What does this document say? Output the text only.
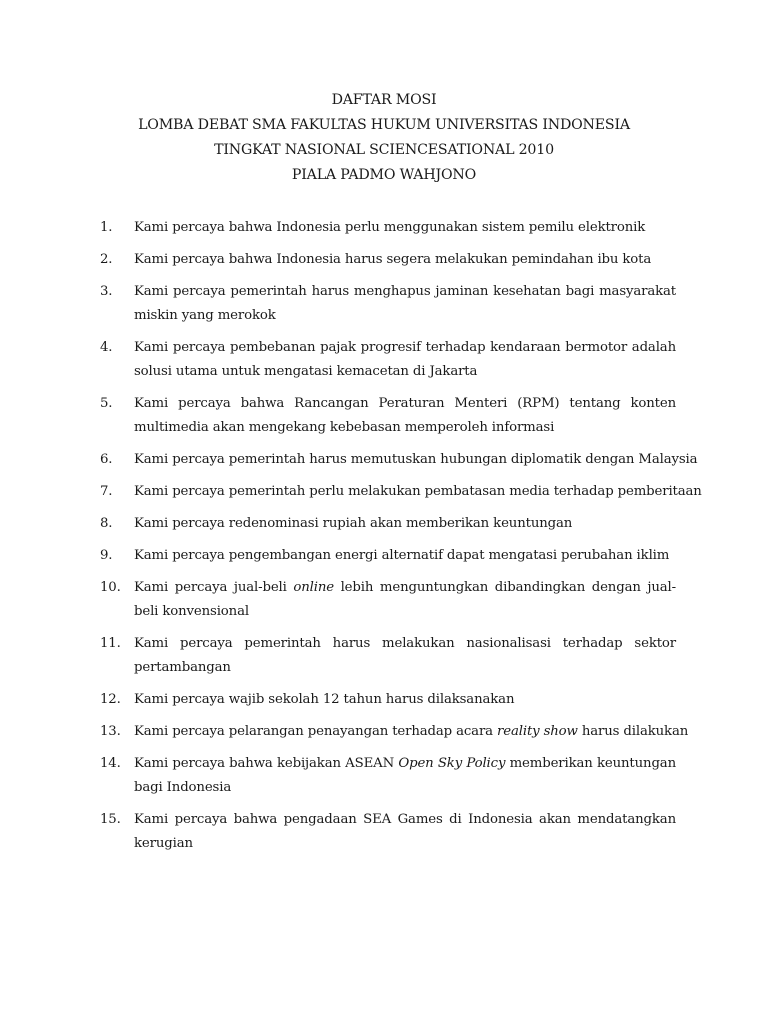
DAFTAR MOSI
LOMBA DEBAT SMA FAKULTAS HUKUM UNIVERSITAS INDONESIA
TINGKAT NASIONAL SCIENCESATIONAL 2010
PIALA PADMO WAHJONO
1.	Kami percaya bahwa Indonesia perlu menggunakan sistem pemilu elektronik
2.	Kami percaya bahwa Indonesia harus segera melakukan pemindahan ibu kota
3.	Kami percaya pemerintah harus menghapus jaminan kesehatan bagi masyarakat miskin yang merokok
4.	Kami percaya pembebanan pajak progresif terhadap kendaraan bermotor adalah solusi utama untuk mengatasi kemacetan di Jakarta
5.	Kami percaya bahwa Rancangan Peraturan Menteri (RPM) tentang konten multimedia akan mengekang kebebasan memperoleh informasi
6.	Kami percaya pemerintah harus memutuskan hubungan diplomatik dengan Malaysia
7.	Kami percaya pemerintah perlu melakukan pembatasan media terhadap pemberitaan
8.	Kami percaya redenominasi rupiah akan memberikan keuntungan
9.	Kami percaya pengembangan energi alternatif dapat mengatasi perubahan iklim
10. Kami percaya jual-beli online lebih menguntungkan dibandingkan dengan jual-beli konvensional
11. Kami percaya pemerintah harus melakukan nasionalisasi terhadap sektor pertambangan
12. Kami percaya wajib sekolah 12 tahun harus dilaksanakan
13. Kami percaya pelarangan penayangan terhadap acara reality show harus dilakukan
14. Kami percaya bahwa kebijakan ASEAN Open Sky Policy memberikan keuntungan bagi Indonesia
15. Kami percaya bahwa pengadaan SEA Games di Indonesia akan mendatangkan kerugian
